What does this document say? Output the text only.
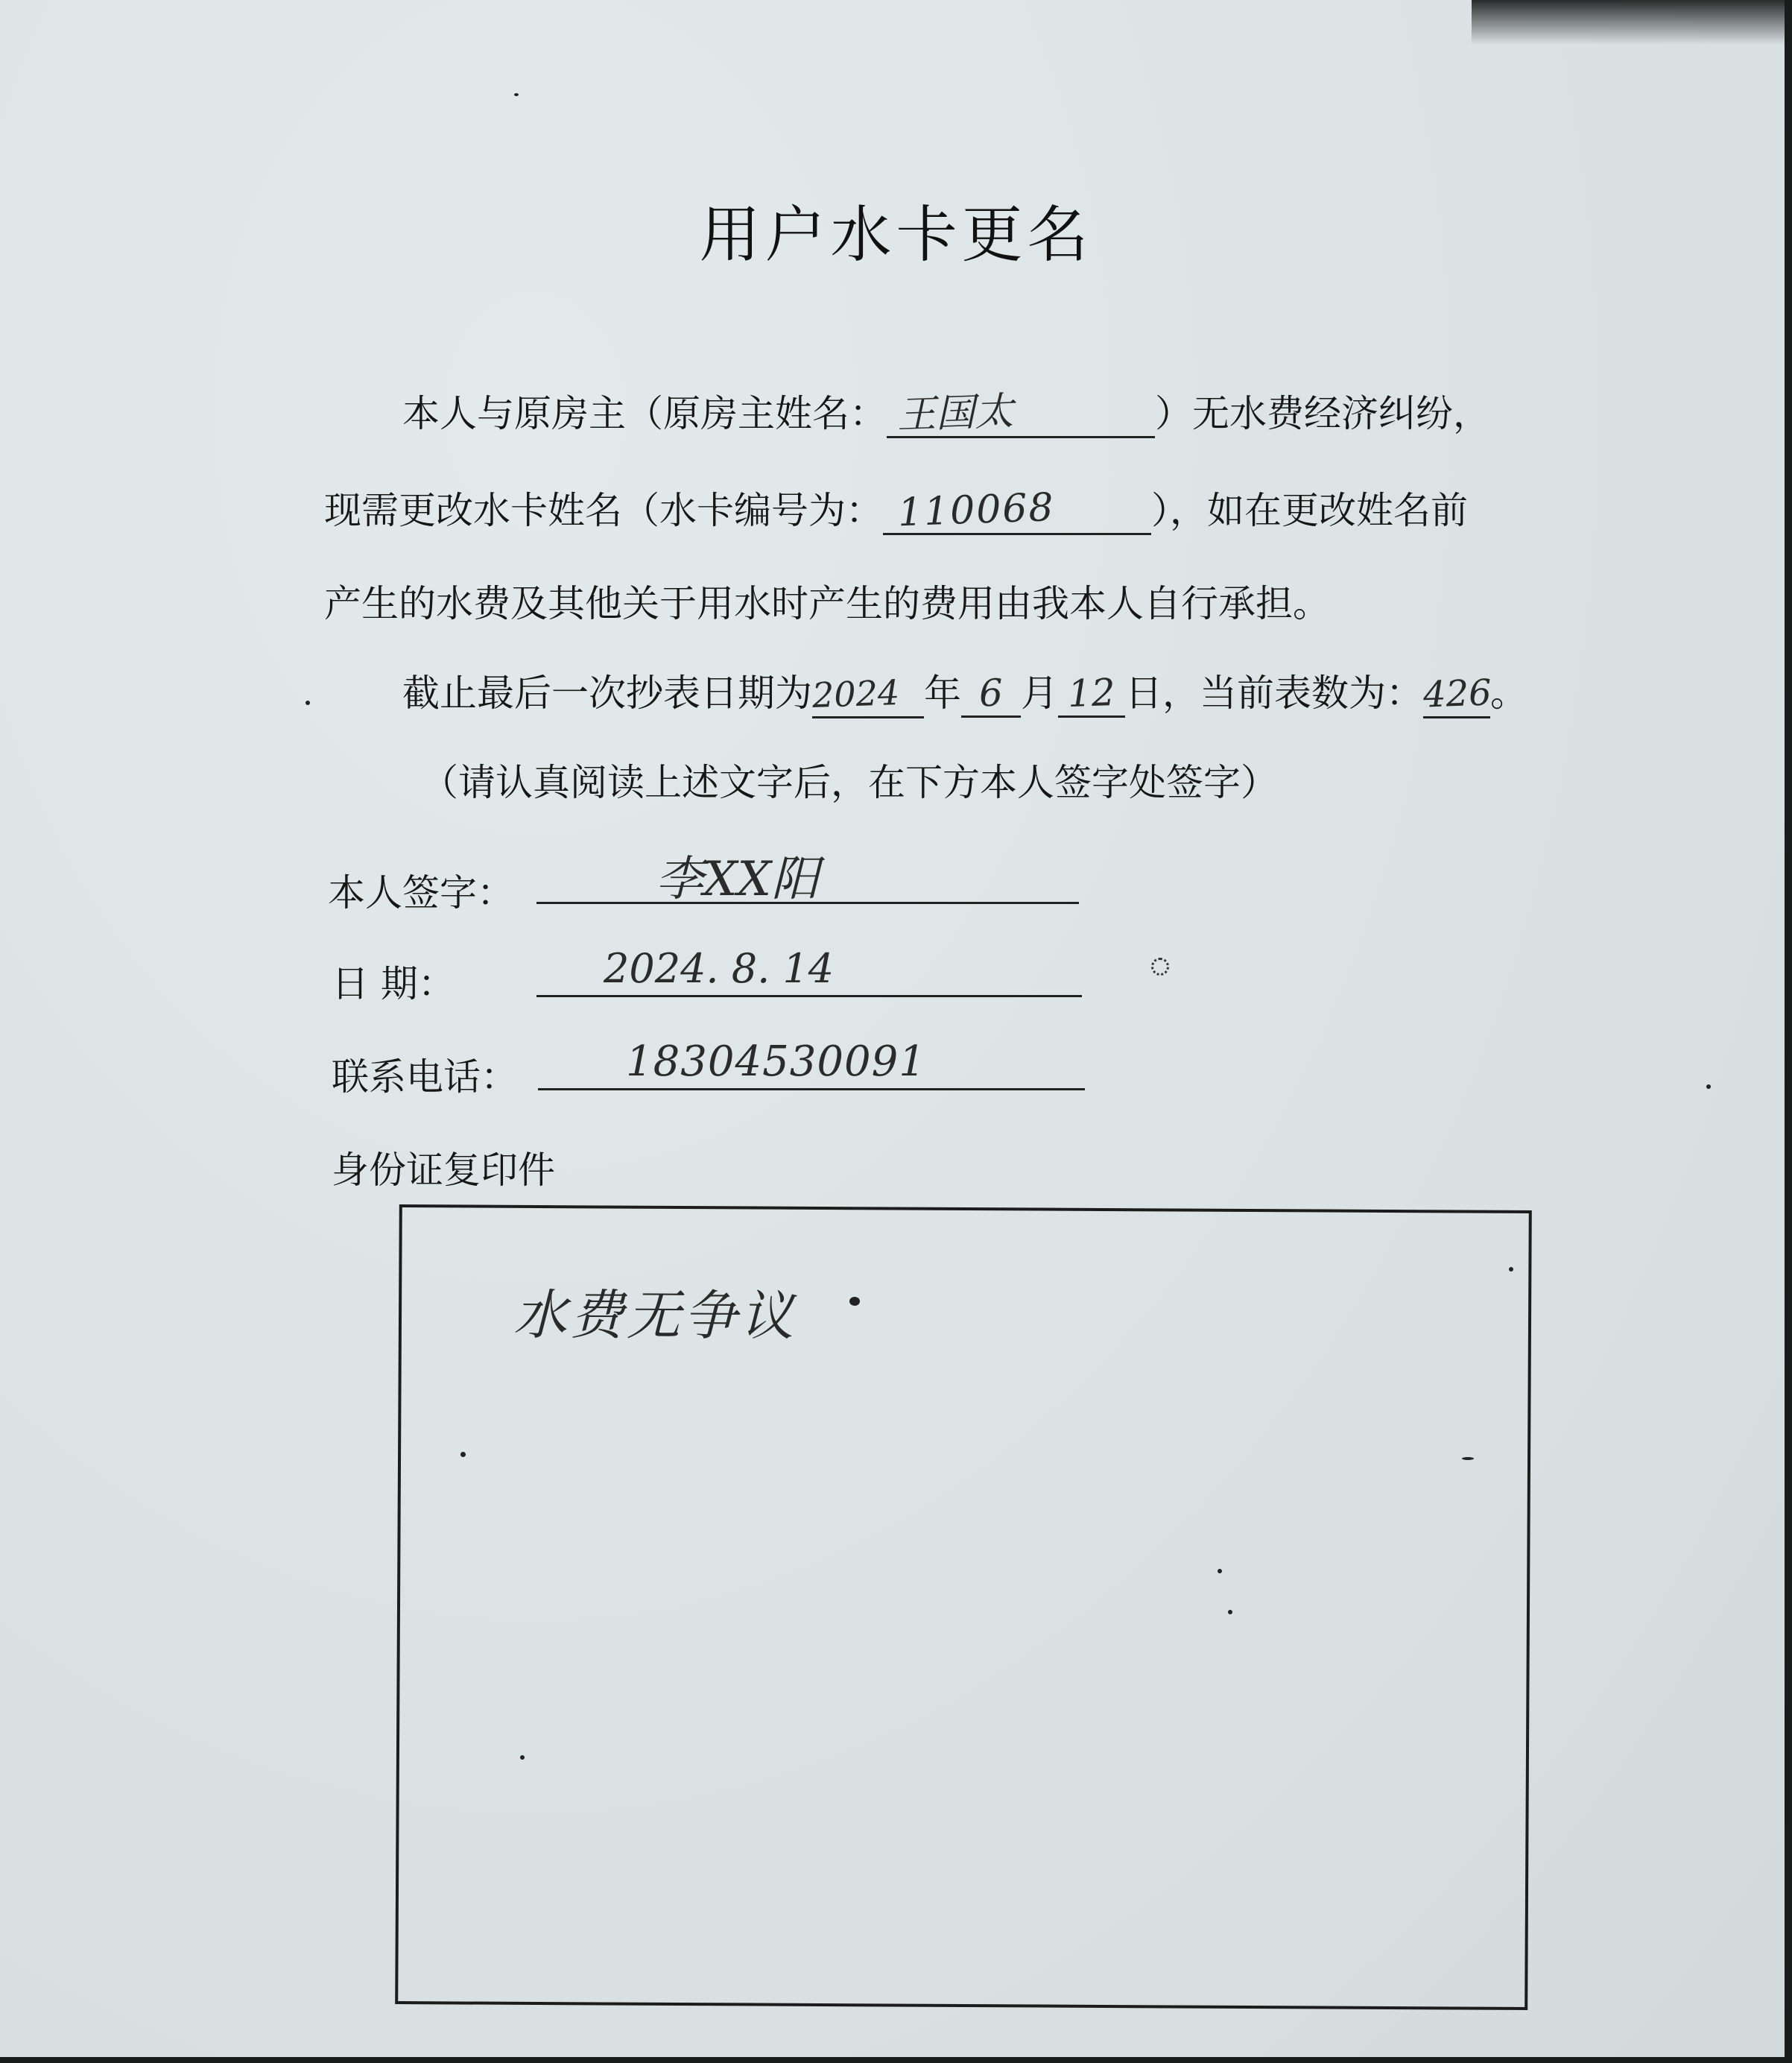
用户水卡更名
本人与原房主（原房主姓名： 王国太	）无水费经济纠纷，
现需更改水卡姓名（水卡编号为： 110068	），如在更改姓名前
产生的水费及其他关于用水时产生的费用由我本人自行承担。
截止最后一次抄表日期为2024 年 6 月 12 日，当前表数为：426。
（请认真阅读上述文字后，在下方本人签字处签字）
本人签字：	李XX阳
日 期：	2024. 8. 14
联系电话：	18304530091
身份证复印件
水费无争议
